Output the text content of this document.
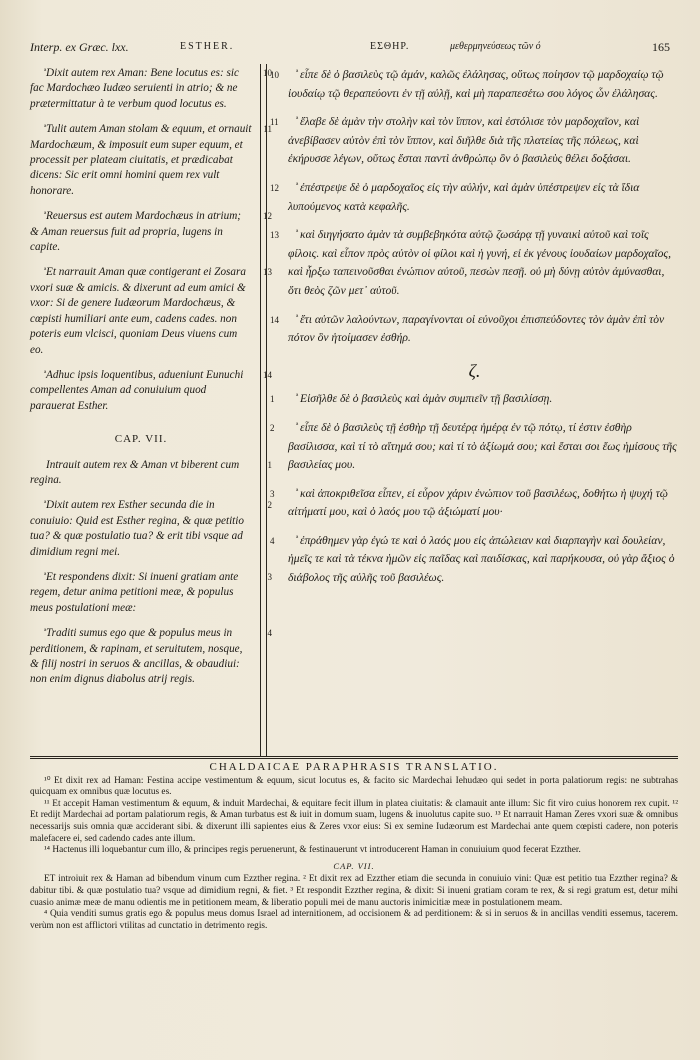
Interp. ex Græc. lxx.	ESTHER.	ΕΣΘΗΡ.	μεθερμηνεύσεως τῶν ό	165
ª Dixit autem rex Aman: Bene locutus es: sic fac Mardochæo Iudæo seruienti in atrio; & ne prætermittatur à te verbum quod locutus es.
10
ª Tulit autem Aman stolam & equum, et ornauit Mardochæum, & imposuit eum super equum, et processit per plateam ciuitatis, et prædicabat dicens: Sic erit omni homini quem rex vult honorare.
11
ª Reuersus est autem Mardochæus in atrium; & Aman reuersus fuit ad propria, lugens in capite.
12
ª Et narrauit Aman quæ contigerant ei Zosara vxori suæ & amicis. & dixerunt ad eum amici & vxor: Si de genere Iudæorum Mardochæus, & cœpisti humiliari ante eum, cadens cades. non poteris eum vlcisci, quoniam Deus viuens cum eo.
13
ª Adhuc ipsis loquentibus, adueniunt Eunuchi compellentes Aman ad conuiuium quod parauerat Esther.
14
CAP. VII.
Intrauit autem rex & Aman vt biberent cum regina.
1
ª Dixit autem rex Esther secunda die in conuiuio: Quid est Esther regina, & quæ petitio tua? & quæ postulatio tua? & erit tibi vsque ad dimidium regni mei.
2
ª Et respondens dixit: Si inueni gratiam ante regem, detur anima petitioni meæ, & populus meus postulationi meæ:
3
ª Traditi sumus ego que & populus meus in perditionem, & rapinam, et seruitutem, nosque, & filij nostri in seruos & ancillas, & obaudiui: non enim dignus diabolus atrij regis.
4
10 ª εἶπε δὲ ὁ βασιλεὺς τῷ ἀμάν, καλῶς ἐλάλησας, οὕτως ποίησον τῷ μαρδοχαίῳ τῷ ἰουδαίῳ τῷ θεραπεύοντι ἐν τῇ αὐλῇ, καὶ μὴ παραπεσέτω σου λόγος ὧν ἐλάλησας.
11 ª ἔλαβε δὲ ἀμὰν τὴν στολὴν καὶ τὸν ἵππον, καὶ ἐστόλισε τὸν μαρδοχαῖον, καὶ ἀνεβίβασεν αὐτὸν ἐπὶ τὸν ἵππον, καὶ διῆλθε διὰ τῆς πλατείας τῆς πόλεως, καὶ ἐκήρυσσε λέγων, οὕτως ἔσται παντὶ ἀνθρώπῳ ὃν ὁ βασιλεὺς θέλει δοξάσαι.
12 ª ἐπέστρεψε δὲ ὁ μαρδοχαῖος εἰς τὴν αὐλήν, καὶ ἀμὰν ὑπέστρεψεν εἰς τὰ ἴδια λυπούμενος κατὰ κεφαλῆς.
13 ª καὶ διηγήσατο ἀμὰν τὰ συμβεβηκότα αὐτῷ ζωσάρᾳ τῇ γυναικὶ αὐτοῦ καὶ τοῖς φίλοις. καὶ εἶπον πρὸς αὐτὸν οἱ φίλοι καὶ ἡ γυνή, εἰ ἐκ γένους ἰουδαίων μαρδοχαῖος, καὶ ἦρξω ταπεινοῦσθαι ἐνώπιον αὐτοῦ, πεσὼν πεσῇ. οὐ μὴ δύνῃ αὐτὸν ἀμύνασθαι, ὅτι θεὸς ζῶν μετ᾽ αὐτοῦ.
14 ª ἔτι αὐτῶν λαλούντων, παραγίνονται οἱ εὐνοῦχοι ἐπισπεύδοντες τὸν ἀμὰν ἐπὶ τὸν πότον ὃν ἡτοίμασεν ἐσθήρ.
ζ.
1	ª Εἰσῆλθε δὲ ὁ βασιλεὺς καὶ ἀμὰν συμπιεῖν τῇ βασιλίσσῃ.
2	ª εἶπε δὲ ὁ βασιλεὺς τῇ ἐσθὴρ τῇ δευτέρᾳ ἡμέρᾳ ἐν τῷ πότῳ, τί ἐστιν ἐσθὴρ βασίλισσα, καὶ τί τὸ αἴτημά σου; καὶ τί τὸ ἀξίωμά σου; καὶ ἔσται σοι ἕως ἡμίσους τῆς βασιλείας μου.
3	ª καὶ ἀποκριθεῖσα εἶπεν, εἰ εὗρον χάριν ἐνώπιον τοῦ βασιλέως, δοθήτω ἡ ψυχή τῷ αἰτήματί μου, καὶ ὁ λαός μου τῷ ἀξιώματί μου·
4	ª ἐπράθημεν γὰρ ἐγώ τε καὶ ὁ λαός μου εἰς ἀπώλειαν καὶ διαρπαγὴν καὶ δουλείαν, ἡμεῖς τε καὶ τὰ τέκνα ἡμῶν εἰς παῖδας καὶ παιδίσκας, καὶ παρήκουσα, οὐ γὰρ ἄξιος ὁ διάβολος τῆς αὐλῆς τοῦ βασιλέως.
CHALDAICAE PARAPHRASIS TRANSLATIO.

¹⁰ Et dixit rex ad Haman: Festina accipe vestimentum & equum, sicut locutus es, & facito sic Mardechai Iehudæo qui sedet in porta palatiorum regis: ne subtrahas quicquam ex omnibus quæ locutus es.

¹¹ Et accepit Haman vestimentum & equum, & induit Mardechai, & equitare fecit illum in platea ciuitatis: & clamauit ante illum: Sic fit viro cuius honorem rex cupit. ¹² Et redijt Mardechai ad portam palatiorum regis, & Aman turbatus est & iuit in domum suam, lugens & inuolutus capite suo. ¹³ Et narrauit Haman Zeres vxori suæ & omnibus necessarijs suis omnia quæ acciderant sibi. & dixerunt illi sapientes eius & Zeres vxor eius: Si ex semine Iudæorum est Mardechai ante quem cœpisti cadere, non poteris malefacere ei, sed cadendo cades ante illum.

¹⁴ Hactenus illi loquebantur cum illo, & principes regis peruenerunt, & festinauerunt vt introducerent Haman in conuiuium quod fecerat Ezzther.

CAP. VII.

ET introiuit rex & Haman ad bibendum vinum cum Ezzther regina. ² Et dixit rex ad Ezzther etiam die secunda in conuiuio vini: Quæ est petitio tua Ezzther regina? & dabitur tibi. & quæ postulatio tua? vsque ad dimidium regni, & fiet. ³ Et respondit Ezzther regina, & dixit: Si inueni gratiam coram te rex, & si regi gratum est, detur mihi cuasio animæ meæ de manu odientis me in petitionem meam, & liberatio populi mei de manu auctoris inimicitiæ meæ in postulationem meam.

⁴ Quia venditi sumus gratis ego & populus meus domus Israel ad internitionem, ad occisionem & ad perditionem: & si in seruos & in ancillas venditi essemus, tacerem. verùm non est afflictori vtilitas ad cunctatio in detrimento regis.
